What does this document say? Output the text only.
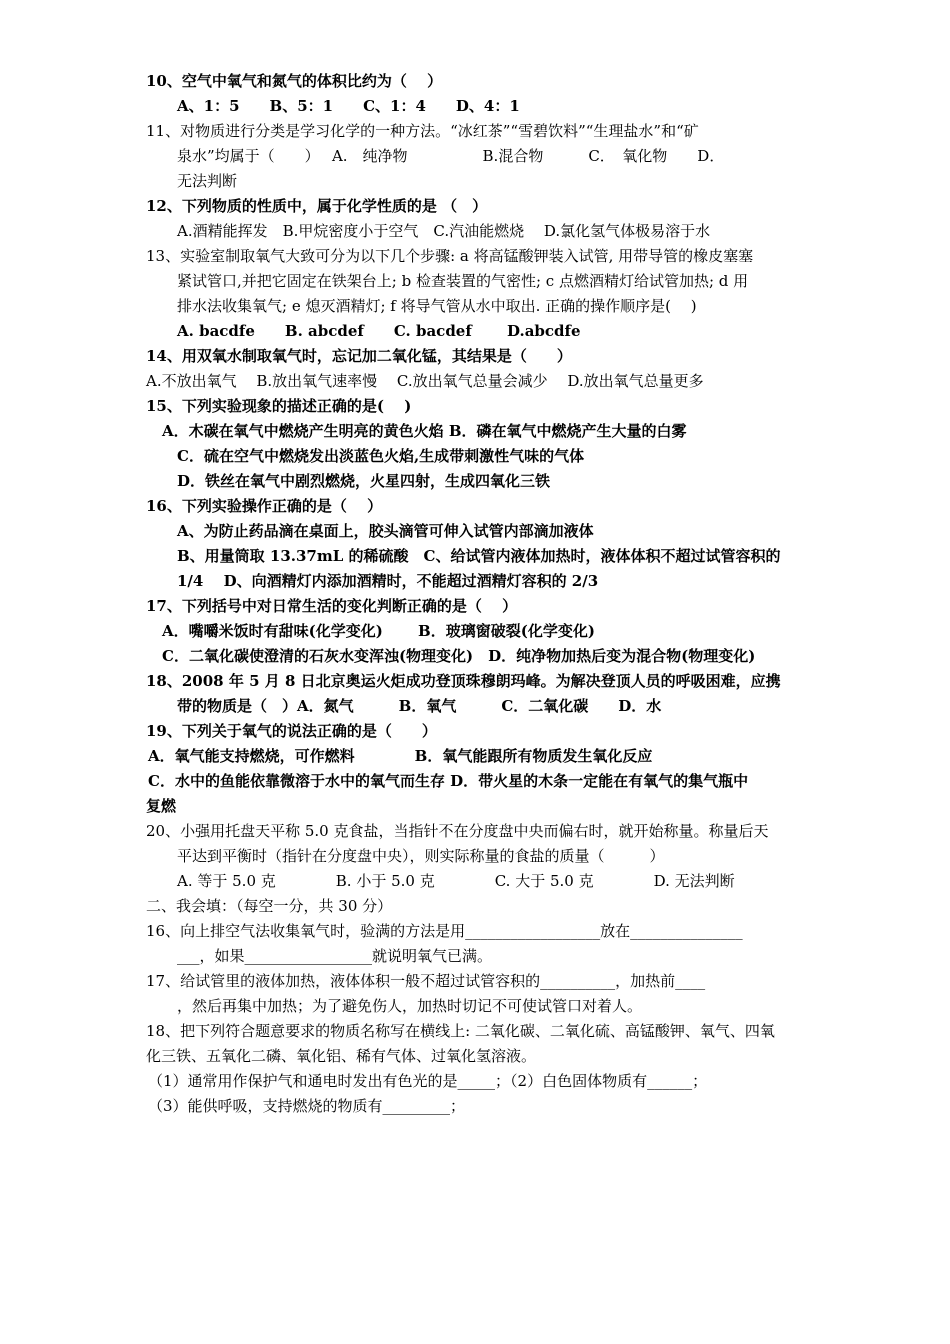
10、空气中氧气和氮气的体积比约为（　 ）
A、1：5　　B、5：1　　C、1：4　　D、4：1
11、对物质进行分类是学习化学的一种方法。“冰红茶”“雪碧饮料”“生理盐水”和“矿
泉水”均属于（　　）　 A.　纯净物　　　　　B.混合物　　　C．　氧化物　　D．
无法判断
12、下列物质的性质中，属于化学性质的是 （　）
A.酒精能挥发　B.甲烷密度小于空气　C.汽油能燃烧　 D.氯化氢气体极易溶于水
13、实验室制取氧气大致可分为以下几个步骤: a 将高锰酸钾装入试管, 用带导管的橡皮塞塞
紧试管口,并把它固定在铁架台上; b 检查装置的气密性; c 点燃酒精灯给试管加热; d 用
排水法收集氧气; e 熄灭酒精灯; f 将导气管从水中取出. 正确的操作顺序是(　 )
A. bacdfe　　B. abcdef　　C. bacdef　　 D.abcdfe
14、用双氧水制取氧气时，忘记加二氧化锰，其结果是（　　）
A.不放出氧气　 B.放出氧气速率慢　 C.放出氧气总量会减少　 D.放出氧气总量更多
15、下列实验现象的描述正确的是(　 )
A．木碳在氧气中燃烧产生明亮的黄色火焰 B．磷在氧气中燃烧产生大量的白雾
C．硫在空气中燃烧发出淡蓝色火焰,生成带刺激性气味的气体
D．铁丝在氧气中剧烈燃烧，火星四射，生成四氧化三铁
16、下列实验操作正确的是（　 ）
A、为防止药品滴在桌面上，胶头滴管可伸入试管内部滴加液体
B、用量筒取 13.37mL 的稀硫酸　C、给试管内液体加热时，液体体积不超过试管容积的
1/4　 D、向酒精灯内添加酒精时，不能超过酒精灯容积的 2/3
17、下列括号中对日常生活的变化判断正确的是（　 ）
A．嘴嚼米饭时有甜味(化学变化)　　 B．玻璃窗破裂(化学变化)
C．二氧化碳使澄清的石灰水变浑浊(物理变化)　D．纯净物加热后变为混合物(物理变化)
18、2008 年 5 月 8 日北京奥运火炬成功登顶珠穆朗玛峰。为解决登顶人员的呼吸困难，应携
带的物质是（　）A．氮气　　　B．氧气　　　C．二氧化碳　　D．水
19、下列关于氧气的说法正确的是（　　）
A．氧气能支持燃烧，可作燃料　　　　B．氧气能跟所有物质发生氧化反应
C．水中的鱼能依靠微溶于水中的氧气而生存 D．带火星的木条一定能在有氧气的集气瓶中
复燃
20、小强用托盘天平称 5.0 克食盐，当指针不在分度盘中央而偏右时，就开始称量。称量后天
平达到平衡时（指针在分度盘中央），则实际称量的食盐的质量（　　　）
A. 等于 5.0 克　　　　B. 小于 5.0 克　　　　C. 大于 5.0 克　　　　D. 无法判断
二、我会填：（每空一分，共 30 分）
16、向上排空气法收集氧气时，验满的方法是用__________________放在_______________
___，如果_________________就说明氧气已满。
17、给试管里的液体加热，液体体积一般不超过试管容积的__________，加热前____
，然后再集中加热；为了避免伤人，加热时切记不可使试管口对着人。
18、把下列符合题意要求的物质名称写在横线上: 二氧化碳、二氧化硫、高锰酸钾、氧气、四氧
化三铁、五氧化二磷、氧化铝、稀有气体、过氧化氢溶液。
（1）通常用作保护气和通电时发出有色光的是_____；（2）白色固体物质有______；
（3）能供呼吸，支持燃烧的物质有_________；
